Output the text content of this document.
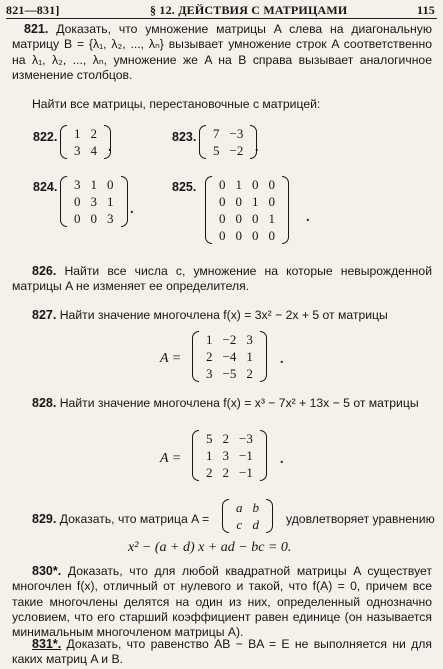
821—831]	§ 12. ДЕЙСТВИЯ С МАТРИЦАМИ	115
821. Доказать, что умножение матрицы A слева на диагональную матрицу B = {λ₁, λ₂, ..., λₙ} вызывает умножение строк A соответственно на λ₁, λ₂, ..., λₙ, умножение же A на B справа вызывает аналогичное изменение столбцов.
Найти все матрицы, перестановочные с матрицей:
822. 1	2
3	4 .
823. 7	−3
5	−2 .
824. 3	1	0
0	3	1
0	0	3
.
825. 0	1	0	0
0	0	1	0
0	0	0	1
0	0	0	0
.
826. Найти все числа c, умножение на которые невырожденной матрицы A не изменяет ее определителя.
827. Найти значение многочлена f(x) = 3x² − 2x + 5 от матрицы
A =
1	−2	3
2	−4	1
3	−5	2
.
828. Найти значение многочлена f(x) = x³ − 7x² + 13x − 5 от матрицы
A =
5	2	−3
1	3	−1
2	2	−1
.
829. Доказать, что матрица A =
a	b
c	d удовлетворяет уравнению
x² − (a + d) x + ad − bc = 0.
830*. Доказать, что для любой квадратной матрицы A существует многочлен f(x), отличный от нулевого и такой, что f(A) = 0, причем все такие многочлены делятся на один из них, определенный однозначно условием, что его старший коэффициент равен единице (он называется минимальным многочленом матрицы A).
831*. Доказать, что равенство AB − BA = E не выполняется ни для каких матриц A и B.
